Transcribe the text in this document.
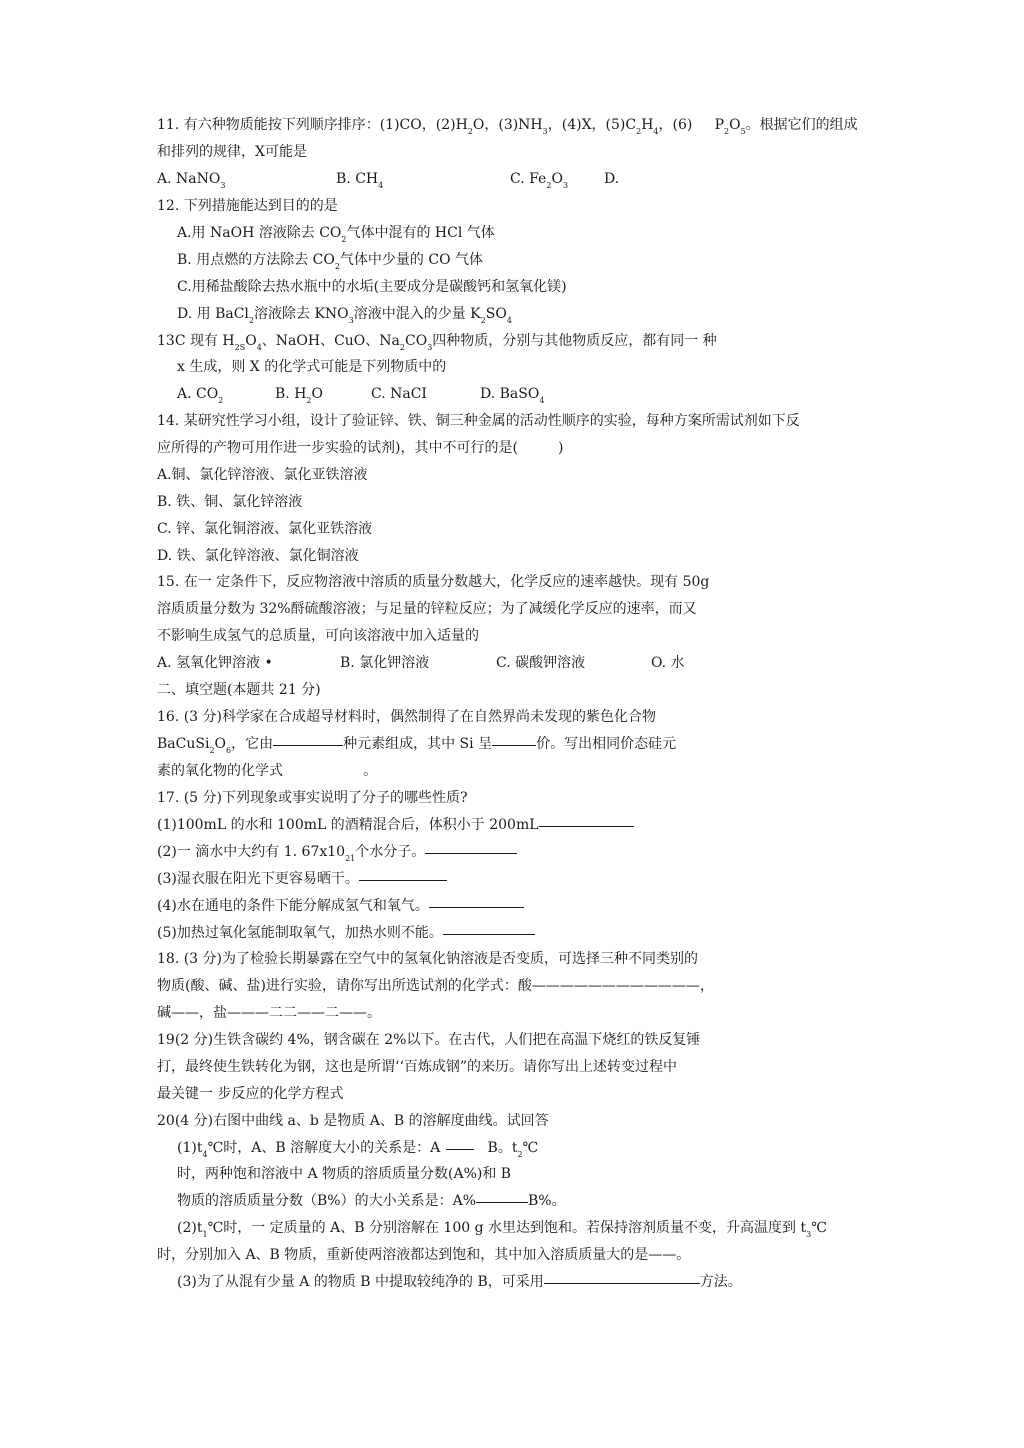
11. 有六种物质能按下列顺序排序：(1)CO，$(2)H_2O$，$(3)NH_3$，(4)X，$(5)C_2H_4$，(6)     $P_2O_5$。根据它们的组成
和排列的规律，X可能是
A. NaNO$_3$	B. $CH_4$	C. $Fe_2O_3$	D.
12. 下列措施能达到目的的是
A.用 NaOH 溶液除去 $CO_2$气体中混有的 HCl 气体
B. 用点燃的方法除去 $CO_2$气体中少量的 CO 气体
C.用稀盐酸除去热水瓶中的水垢(主要成分是碳酸钙和氢氧化镁)
D. 用 BaCl$_2$溶液除去 $KNO_3$溶液中混入的少量 $K_2SO_4$
13C 现有 $H_{2S}O_4$、NaOH、CuO、$Na_2CO_3$四种物质，分别与其他物质反应，都有同一 种
x 生成，则 X 的化学式可能是下列物质中的
A. $CO_2$	B. $H_2O$	C. NaCI	D. BaSO$_4$
14. 某研究性学习小组，设计了验证锌、铁、铜三种金属的活动性顺序的实验，每种方案所需试剂如下反
应所得的产物可用作进一步实验的试剂)，其中不可行的是(         )
A.铜、氯化锌溶液、氯化亚铁溶液
B. 铁、铜、氯化锌溶液
C. 锌、氯化铜溶液、氯化亚铁溶液
D. 铁、氯化锌溶液、氯化铜溶液
15. 在一 定条件下，反应物溶液中溶质的质量分数越大，化学反应的速率越快。现有 50g
溶质质量分数为 32%酹硫酸溶液；与足量的锌粒反应；为了减缓化学反应的速率，而又
不影响生成氢气的总质量，可向该溶液中加入适量的
A. 氢氧化钾溶液 •	B. 氯化钾溶液	C. 碳酸钾溶液	O. 水
二、填空题(本题共 21 分)
16. (3 分)科学家在合成超导材料时，偶然制得了在自然界尚未发现的紫色化合物
$BaCuSi_2O_6$，它由	种元素组成，其中 Si 呈	价。写出相同价态硅元
素的氧化物的化学式                  。
17. (5 分)下列现象或事实说明了分子的哪些性质?
(1)100mL 的水和 100mL 的酒精混合后，体积小于 200mL
(2)一 滴水中大约有 1. $67x10_{21}$个水分子。
(3)湿衣服在阳光下更容易晒干。
(4)水在通电的条件下能分解成氢气和氧气。
(5)加热过氧化氢能制取氧气，加热水则不能。
18. (3 分)为了检验长期暴露在空气中的氢氧化钠溶液是否变质，可选择三种不同类别的
物质(酸、碱、盐)进行实验，请你写出所选试剂的化学式：酸————————————，
碱——，盐———二二——二——。
19(2 分)生铁含碳约 4%，钢含碳在 2%以下。在古代，人们把在高温下烧红的铁反复锤
打，最终使生铁转化为钢，这也是所谓‘‘百炼成钢”的来历。请你写出上述转变过程中
最关键一 步反应的化学方程式
20(4 分)右图中曲线 a、b 是物质 A、B 的溶解度曲线。试回答
$(1)t_4℃$时，A、B 溶解度大小的关系是：A   B。$t_2℃$
时，两种饱和溶液中 A 物质的溶质质量分数(A%)和 B
物质的溶质质量分数（B%）的大小关系是：A%	B%。
$(2)t_1℃$时，一 定质量的 A、B 分别溶解在 100 g 水里达到饱和。若保持溶剂质量不变，升高温度到 $t_3℃$
时，分别加入 A、B 物质，重新使两溶液都达到饱和，其中加入溶质质量大的是——。
(3)为了从混有少量 A 的物质 B 中提取较纯净的 B，可采用	方法。
